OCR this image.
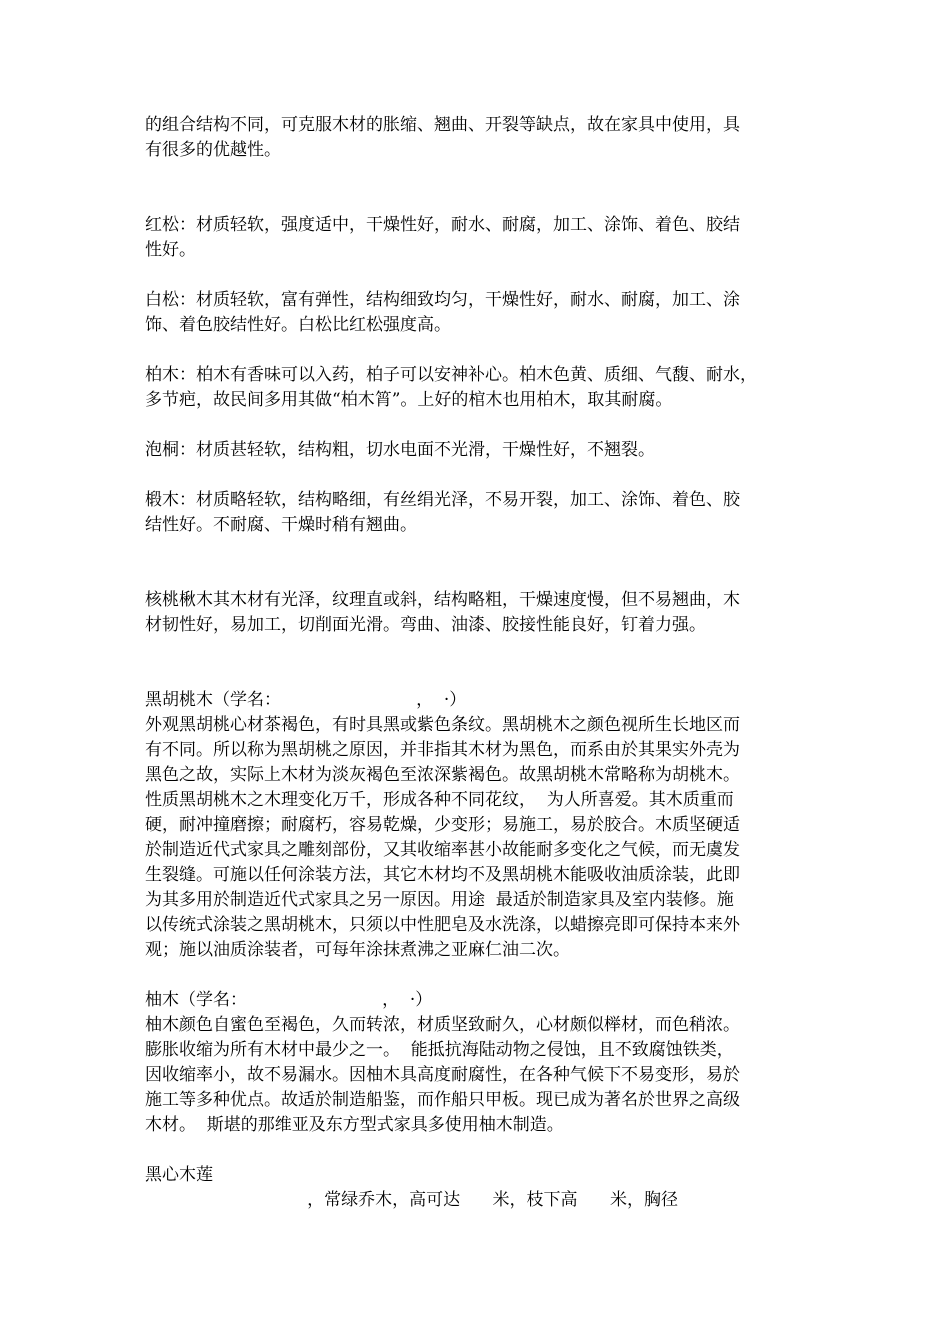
的组合结构不同，可克服木材的胀缩、翘曲、开裂等缺点，故在家具中使用，具
有很多的优越性。
红松：材质轻软，强度适中，干燥性好，耐水、耐腐，加工、涂饰、着色、胶结
性好。
白松：材质轻软，富有弹性，结构细致均匀，干燥性好，耐水、耐腐，加工、涂
饰、着色胶结性好。白松比红松强度高。
柏木：柏木有香味可以入药，柏子可以安神补心。柏木色黄、质细、气馥、耐水，
多节疤，故民间多用其做“柏木筲”。上好的棺木也用柏木，取其耐腐。
泡桐：材质甚轻软，结构粗，切水电面不光滑，干燥性好，不翘裂。
椴木：材质略轻软，结构略细，有丝绢光泽，不易开裂，加工、涂饰、着色、胶
结性好。不耐腐、干燥时稍有翘曲。
核桃楸木其木材有光泽，纹理直或斜，结构略粗，干燥速度慢，但不易翘曲，木
材韧性好，易加工，切削面光滑。弯曲、油漆、胶接性能良好，钉着力强。
黑胡桃木（学名：                         ，  ·）
外观黑胡桃心材茶褐色，有时具黑或紫色条纹。黑胡桃木之颜色视所生长地区而
有不同。所以称为黑胡桃之原因，并非指其木材为黑色，而系由於其果实外壳为
黑色之故，实际上木材为淡灰褐色至浓深紫褐色。故黑胡桃木常略称为胡桃木。
性质黑胡桃木之木理变化万千，形成各种不同花纹，  为人所喜爱。其木质重而
硬，耐冲撞磨擦；耐腐朽，容易乾燥，少变形；易施工，易於胶合。木质坚硬适
於制造近代式家具之雕刻部份，又其收缩率甚小故能耐多变化之气候，而无虞发
生裂缝。可施以任何涂装方法，其它木材均不及黑胡桃木能吸收油质涂装，此即
为其多用於制造近代式家具之另一原因。用途  最适於制造家具及室内装修。施
以传统式涂装之黑胡桃木，只须以中性肥皂及水洗涤，以蜡擦亮即可保持本来外
观；施以油质涂装者，可每年涂抹煮沸之亚麻仁油二次。
柚木（学名：                         ，  ·）
柚木颜色自蜜色至褐色，久而转浓，材质坚致耐久，心材颇似榉材，而色稍浓。
膨胀收缩为所有木材中最少之一。  能抵抗海陆动物之侵蚀，且不致腐蚀铁类，
因收缩率小，故不易漏水。因柚木具高度耐腐性，在各种气候下不易变形，易於
施工等多种优点。故适於制造船鉴，而作船只甲板。现已成为著名於世界之高级
木材。  斯堪的那维亚及东方型式家具多使用柚木制造。
黑心木莲
，常绿乔木，高可达      米，枝下高      米，胸径
